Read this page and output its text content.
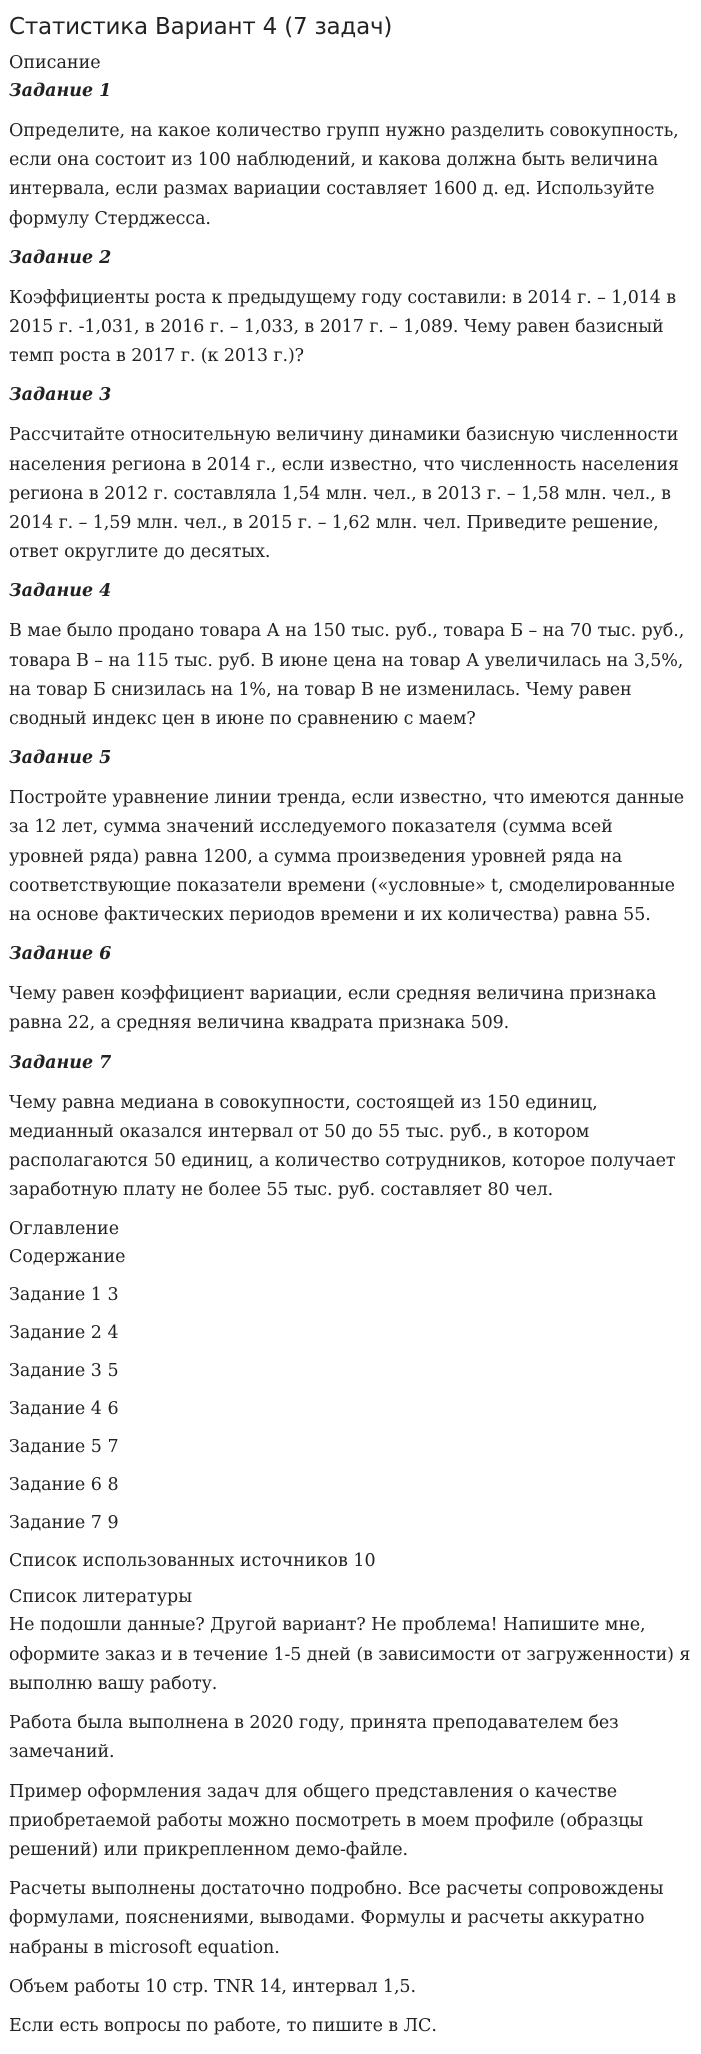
Статистика Вариант 4 (7 задач)
Описание
Задание 1

Определите, на какое количество групп нужно разделить совокупность, если она состоит из 100 наблюдений, и какова должна быть величина интервала, если размах вариации составляет 1600 д. ед. Используйте формулу Стерджесса.

Задание 2

Коэффициенты роста к предыдущему году составили: в 2014 г. – 1,014 в 2015 г. -1,031, в 2016 г. – 1,033, в 2017 г. – 1,089. Чему равен базисный темп роста в 2017 г. (к 2013 г.)?

Задание 3

Рассчитайте относительную величину динамики базисную численности населения региона в 2014 г., если известно, что численность населения региона в 2012 г. составляла 1,54 млн. чел., в 2013 г. – 1,58 млн. чел., в 2014 г. – 1,59 млн. чел., в 2015 г. – 1,62 млн. чел. Приведите решение, ответ округлите до десятых.

Задание 4

В мае было продано товара А на 150 тыс. руб., товара Б – на 70 тыс. руб., товара В – на 115 тыс. руб. В июне цена на товар А увеличилась на 3,5%, на товар Б снизилась на 1%, на товар В не изменилась. Чему равен сводный индекс цен в июне по сравнению с маем?

Задание 5

Постройте уравнение линии тренда, если известно, что имеются данные за 12 лет, сумма значений исследуемого показателя (сумма всей уровней ряда) равна 1200, а сумма произведения уровней ряда на соответствующие показатели времени («условные» t, смоделированные на основе фактических периодов времени и их количества) равна 55.

Задание 6

Чему равен коэффициент вариации, если средняя величина признака равна 22, а средняя величина квадрата признака 509.

Задание 7

Чему равна медиана в совокупности, состоящей из 150 единиц, медианный оказался интервал от 50 до 55 тыс. руб., в котором располагаются 50 единиц, а количество сотрудников, которое получает заработную плату не более 55 тыс. руб. составляет 80 чел.

Оглавление
Содержание
Задание 1 3
Задание 2 4
Задание 3 5
Задание 4 6
Задание 5 7
Задание 6 8
Задание 7 9
Список использованных источников 10
Список литературы

Не подошли данные? Другой вариант? Не проблема! Напишите мне, оформите заказ и в течение 1-5 дней (в зависимости от загруженности) я выполню вашу работу.

Работа была выполнена в 2020 году, принята преподавателем без замечаний.

Пример оформления задач для общего представления о качестве приобретаемой работы можно посмотреть в моем профиле (образцы решений) или прикрепленном демо-файле.

Расчеты выполнены достаточно подробно. Все расчеты сопровождены формулами, пояснениями, выводами. Формулы и расчеты аккуратно набраны в microsoft equation.

Объем работы 10 стр. TNR 14, интервал 1,5.

Если есть вопросы по работе, то пишите в ЛС.
